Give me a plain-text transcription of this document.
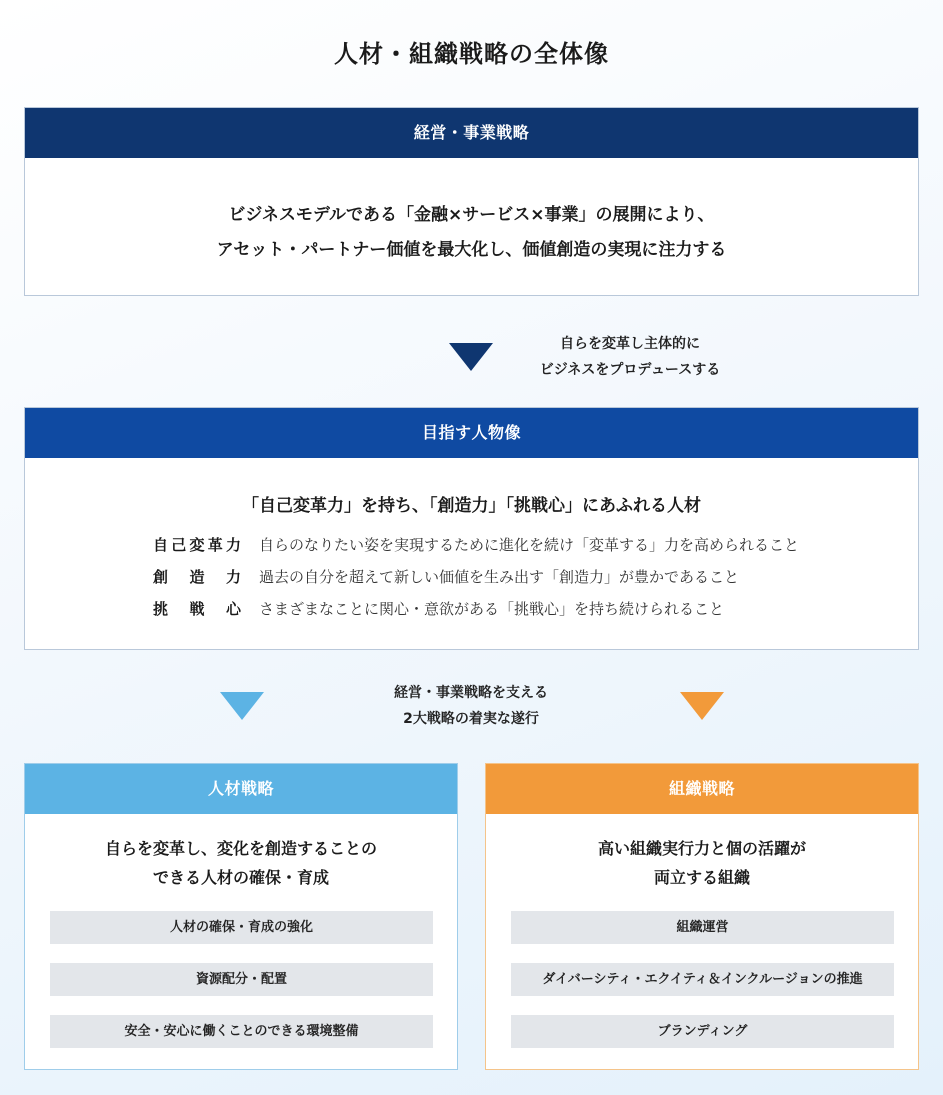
人材・組織戦略の全体像
経営・事業戦略
ビジネスモデルである「金融×サービス×事業」の展開により、
アセット・パートナー価値を最大化し、価値創造の実現に注力する
自らを変革し主体的に
ビジネスをプロデュースする
目指す人物像
「自己変革力」を持ち、「創造力」「挑戦心」にあふれる人材
自己変革力 自らのなりたい姿を実現するために進化を続け「変革する」力を高められること
創造力 過去の自分を超えて新しい価値を生み出す「創造力」が豊かであること
挑戦心 さまざまなことに関心・意欲がある「挑戦心」を持ち続けられること
経営・事業戦略を支える
2大戦略の着実な遂行
人材戦略
自らを変革し、変化を創造することの
できる人材の確保・育成
人材の確保・育成の強化
資源配分・配置
安全・安心に働くことのできる環境整備
組織戦略
高い組織実行力と個の活躍が
両立する組織
組織運営
ダイバーシティ・エクイティ＆インクルージョンの推進
ブランディング
